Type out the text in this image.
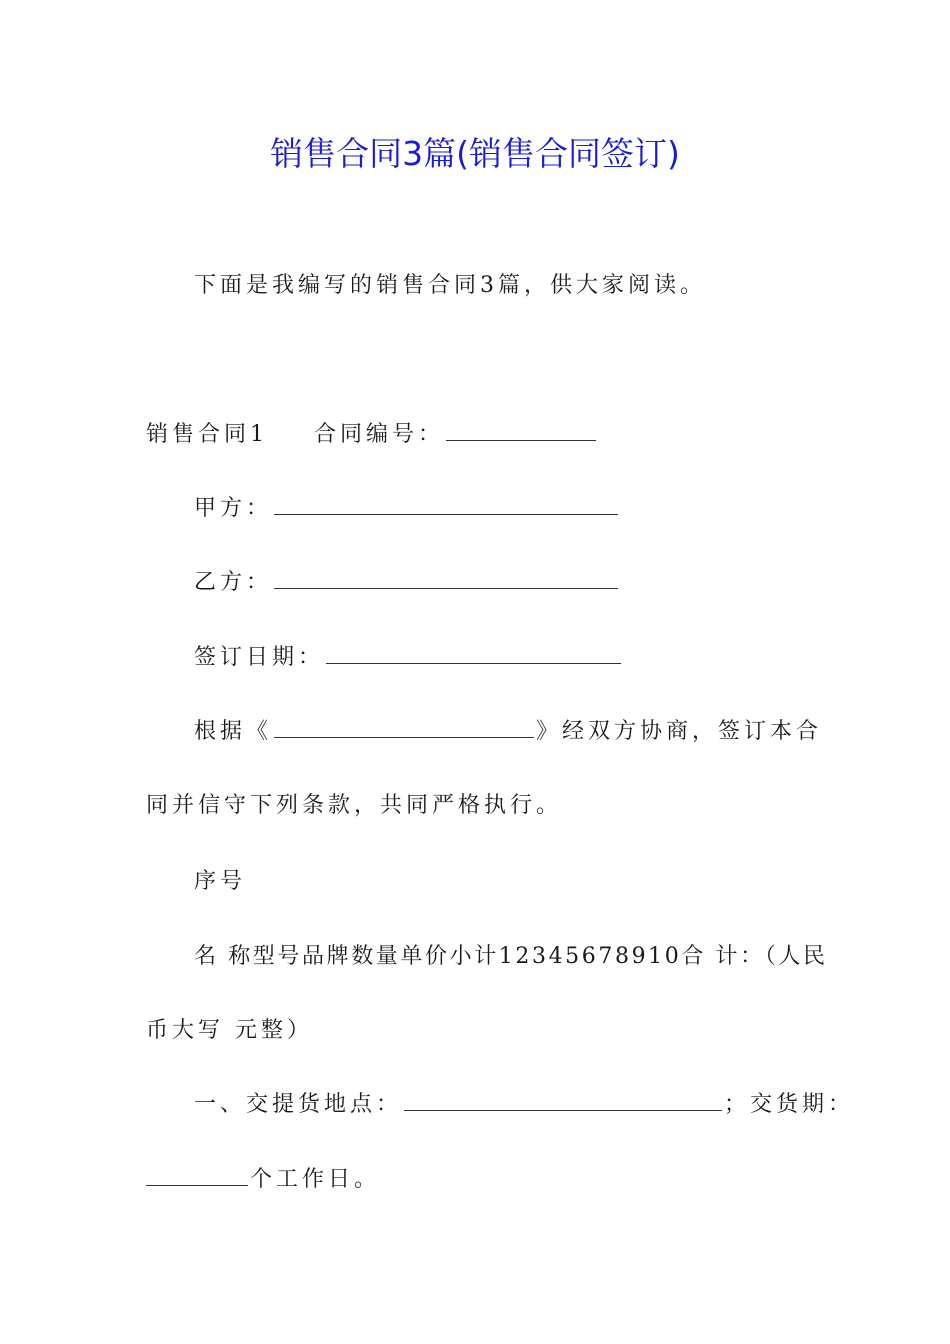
销售合同3篇(销售合同签订)
下面是我编写的销售合同3篇，供大家阅读。
销售合同1 合同编号：
甲方：
乙方：
签订日期：
根据《	》经双方协商，签订本合
同并信守下列条款，共同严格执行。
序号
名 称型号品牌数量单价小计12345678910合 计：（人民
币大写 元整）
一、交提货地点：	；交货期：
个工作日。
